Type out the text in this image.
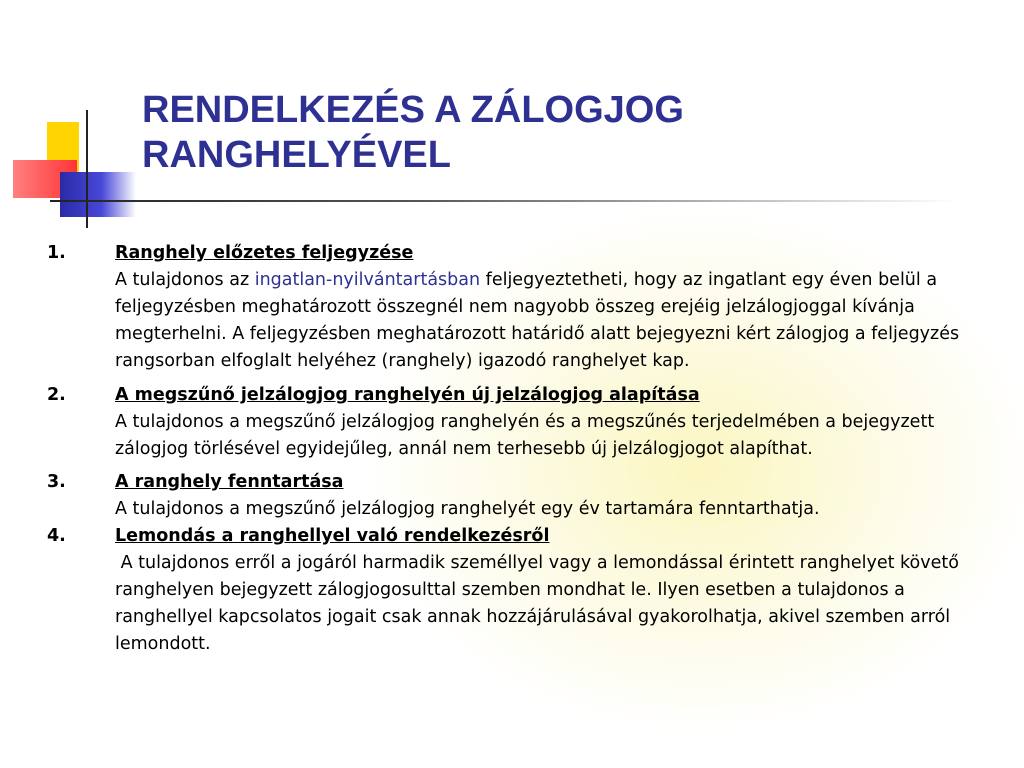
RENDELKEZÉS A ZÁLOGJOG
RANGHELYÉVEL
1.	Ranghely előzetes feljegyzése
A tulajdonos az ingatlan-nyilvántartásban feljegyeztetheti, hogy az ingatlant egy éven belül a feljegyzésben meghatározott összegnél nem nagyobb összeg erejéig jelzálogjoggal kívánja megterhelni. A feljegyzésben meghatározott határidő alatt bejegyezni kért zálogjog a feljegyzés rangsorban elfoglalt helyéhez (ranghely) igazodó ranghelyet kap.
2.	A megszűnő jelzálogjog ranghelyén új jelzálogjog alapítása
A tulajdonos a megszűnő jelzálogjog ranghelyén és a megszűnés terjedelmében a bejegyzett zálogjog törlésével egyidejűleg, annál nem terhesebb új jelzálogjogot alapíthat.
3.	A ranghely fenntartása
A tulajdonos a megszűnő jelzálogjog ranghelyét egy év tartamára fenntarthatja.
4.	Lemondás a ranghellyel való rendelkezésről
A tulajdonos erről a jogáról harmadik személlyel vagy a lemondással érintett ranghelyet követő ranghelyen bejegyzett zálogjogosulttal szemben mondhat le. Ilyen esetben a tulajdonos a ranghellyel kapcsolatos jogait csak annak hozzájárulásával gyakorolhatja, akivel szemben arról lemondott.
